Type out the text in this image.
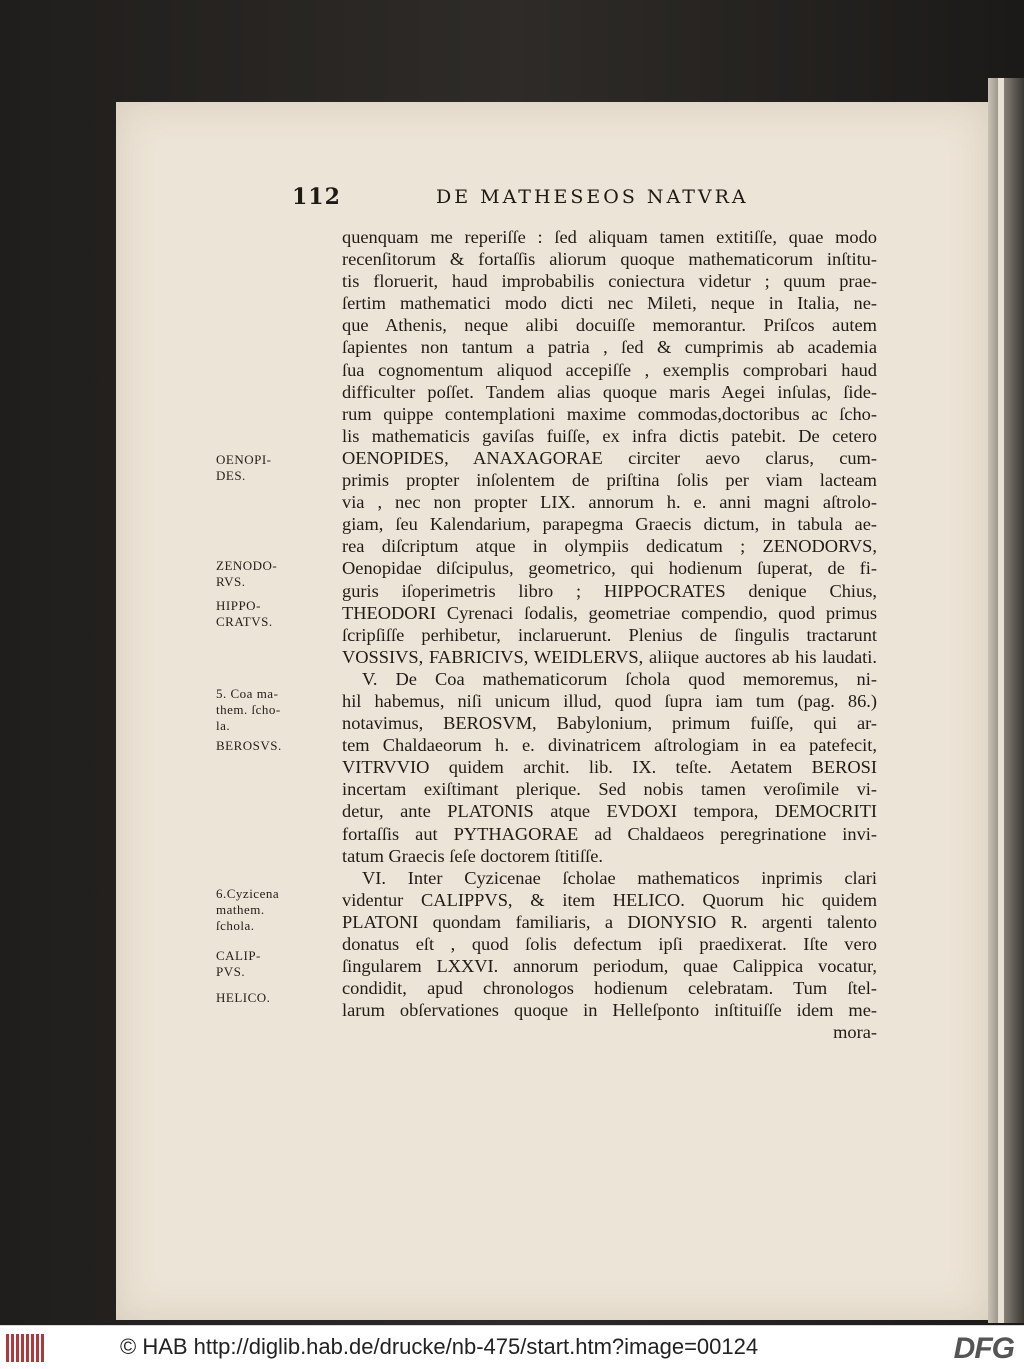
112	DE MATHESEOS NATVRA
quenquam me reperiſſe : ſed aliquam tamen extitiſſe, quae modo
recenſitorum & fortaſſis aliorum quoque mathematicorum inſtitu-
tis floruerit, haud improbabilis coniectura videtur ; quum prae-
ſertim mathematici modo dicti nec Mileti, neque in Italia, ne-
que Athenis, neque alibi docuiſſe memorantur. Priſcos autem
ſapientes non tantum a patria , ſed & cumprimis ab academia
ſua cognomentum aliquod accepiſſe , exemplis comprobari haud
difficulter poſſet. Tandem alias quoque maris Aegei inſulas, ſide-
rum quippe contemplationi maxime commodas,doctoribus ac ſcho-
lis mathematicis gaviſas fuiſſe, ex infra dictis patebit. De cetero
OENOPIDES, ANAXAGORAE circiter aevo clarus, cum-
primis propter inſolentem de priſtina ſolis per viam lacteam
via , nec non propter LIX. annorum h. e. anni magni aſtrolo-
giam, ſeu Kalendarium, parapegma Graecis dictum, in tabula ae-
rea diſcriptum atque in olympiis dedicatum ; ZENODORVS,
Oenopidae diſcipulus, geometrico, qui hodienum ſuperat, de fi-
guris iſoperimetris libro ; HIPPOCRATES denique Chius,
THEODORI Cyrenaci ſodalis, geometriae compendio, quod primus
ſcripſiſſe perhibetur, inclaruerunt. Plenius de ſingulis tractarunt
VOSSIVS, FABRICIVS, WEIDLERVS, aliique auctores ab his laudati.
V. De Coa mathematicorum ſchola quod memoremus, ni-
hil habemus, niſi unicum illud, quod ſupra iam tum (pag. 86.)
notavimus, BEROSVM, Babylonium, primum fuiſſe, qui ar-
tem Chaldaeorum h. e. divinatricem aſtrologiam in ea patefecit,
VITRVVIO quidem archit. lib. IX. teſte. Aetatem BEROSI
incertam exiſtimant plerique. Sed nobis tamen veroſimile vi-
detur, ante PLATONIS atque EVDOXI tempora, DEMOCRITI
fortaſſis aut PYTHAGORAE ad Chaldaeos peregrinatione invi-
tatum Graecis ſeſe doctorem ſtitiſſe.
VI. Inter Cyzicenae ſcholae mathematicos inprimis clari
videntur CALIPPVS, & item HELICO. Quorum hic quidem
PLATONI quondam familiaris, a DIONYSIO R. argenti talento
donatus eſt , quod ſolis defectum ipſi praedixerat. Iſte vero
ſingularem LXXVI. annorum periodum, quae Calippica vocatur,
condidit, apud chronologos hodienum celebratam. Tum ſtel-
larum obſervationes quoque in Helleſponto inſtituiſſe idem me-
mora-
OENOPI-
DES.
ZENODO-
RVS.
HIPPO-
CRATVS.
5. Coa ma-
them. ſcho-
la.
BEROSVS.
6.Cyzicena
mathem.
ſchola.
CALIP-
PVS.
HELICO.
© HAB http://diglib.hab.de/drucke/nb-475/start.htm?image=00124	DFG
